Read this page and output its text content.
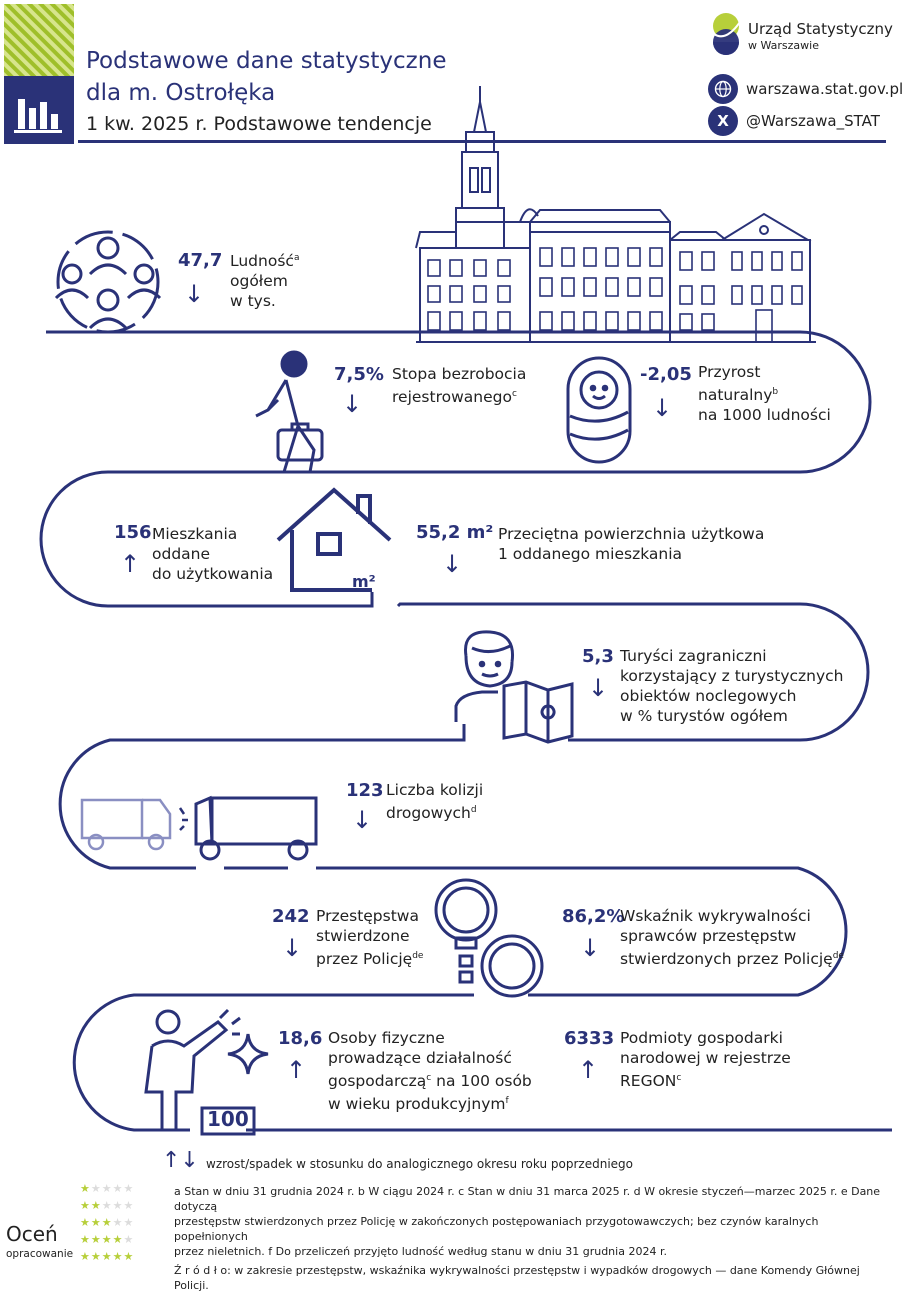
Podstawowe dane statystyczne
dla m. Ostrołęka
1 kw. 2025 r. Podstawowe tendencje
Urząd Statystyczny
w Warszawie
warszawa.stat.gov.pl
X @Warszawa_STAT
47,7
↓
Ludność$^a$
ogółem
w tys.
7,5%
↓
Stopa bezrobocia
rejestrowanego$^c$
-2,05
↓
Przyrost
naturalny$^b$
na 1000 ludności
156
↑
Mieszkania
oddane
do użytkowania	m²
55,2 m²
↓
Przeciętna powierzchnia użytkowa
1 oddanego mieszkania
5,3
↓
Turyści zagraniczni
korzystający z turystycznych
obiektów noclegowych
w % turystów ogółem
123
↓
Liczba kolizji
drogowych$^d$
242
↓
Przestępstwa
stwierdzone
przez Policję$^{de}$
86,2%
↓
Wskaźnik wykrywalności
sprawców przestępstw
stwierdzonych przez Policję$^{de}$
100
18,6
↑
Osoby fizyczne
prowadzące działalność
gospodarczą$^c$ na 100 osób
w wieku produkcyjnym$^f$
6333
↑
Podmioty gospodarki
narodowej w rejestrze
REGON$^c$
↑↓ wzrost/spadek w stosunku do analogicznego okresu roku poprzedniego
★★★★★
★★★★★
★★★★★
★★★★★
★★★★★
Oceń
opracowanie
a Stan w dniu 31 grudnia 2024 r. b W ciągu 2024 r. c Stan w dniu 31 marca 2025 r. d W okresie styczeń—marzec 2025 r. e Dane dotyczą
przestępstw stwierdzonych przez Policję w zakończonych postępowaniach przygotowawczych; bez czynów karalnych popełnionych
przez nieletnich. f Do przeliczeń przyjęto ludność według stanu w dniu 31 grudnia 2024 r.
Ź r ó d ł o: w zakresie przestępstw, wskaźnika wykrywalności przestępstw i wypadków drogowych — dane Komendy Głównej Policji.
